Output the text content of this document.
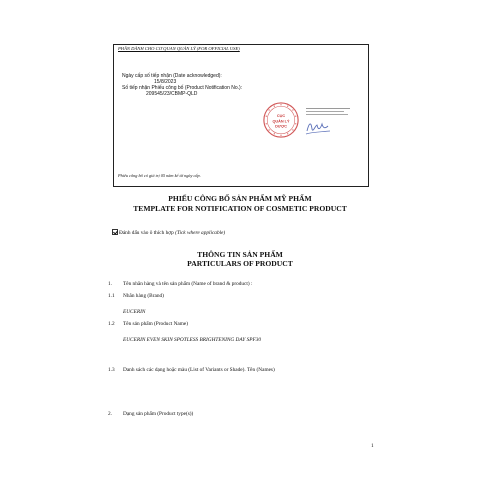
PHẦN DÀNH CHO CƠ QUAN QUẢN LÝ (FOR OFFICIAL USE)
Ngày cấp số tiếp nhận (Date acknowledged):
15/8/2023
Số tiếp nhận Phiếu công bố (Product Notification No.):
209545/23/CBMP-QLD
CỤC
QUẢN LÝ
DƯỢC
Phiếu công bố có giá trị 05 năm kể từ ngày cấp.
PHIẾU CÔNG BỐ SẢN PHẨM MỸ PHẨM
TEMPLATE FOR NOTIFICATION OF COSMETIC PRODUCT
Đánh dấu vào ô thích hợp (Tick where applicable)
THÔNG TIN SẢN PHẨM
PARTICULARS OF PRODUCT
1. Tên nhãn hàng và tên sản phẩm (Name of brand & product) :
1.1 Nhãn hàng (Brand)
EUCERIN
1.2 Tên sản phẩm (Product Name)
EUCERIN EVEN SKIN SPOTLESS BRIGHTENING DAY SPF30
1.3 Danh sách các dạng hoặc màu (List of Variants or Shade). Tên (Names)
2. Dạng sản phẩm (Product type(s))
1
